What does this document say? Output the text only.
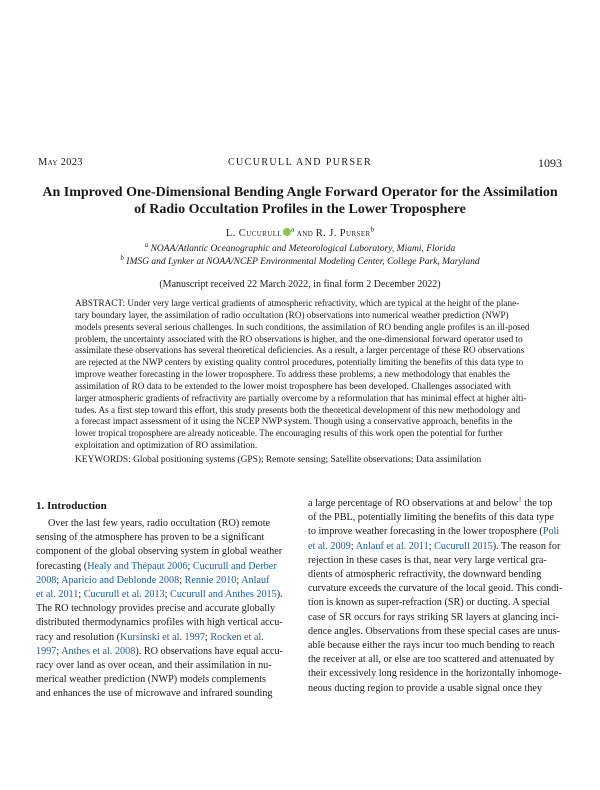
May 2023	CUCURULL AND PURSER	1093
An Improved One-Dimensional Bending Angle Forward Operator for the Assimilation
of Radio Occultation Profiles in the Lower Troposphere
L. Cucurull $^a$ and R. J. Purser$^b$
$^a$ NOAA/Atlantic Oceanographic and Meteorological Laboratory, Miami, Florida
$^b$ IMSG and Lynker at NOAA/NCEP Environmental Modeling Center, College Park, Maryland
(Manuscript received 22 March 2022, in final form 2 December 2022)
ABSTRACT: Under very large vertical gradients of atmospheric refractivity, which are typical at the height of the plane-
tary boundary layer, the assimilation of radio occultation (RO) observations into numerical weather prediction (NWP)
models presents several serious challenges. In such conditions, the assimilation of RO bending angle profiles is an ill-posed
problem, the uncertainty associated with the RO observations is higher, and the one-dimensional forward operator used to
assimilate these observations has several theoretical deficiencies. As a result, a larger percentage of these RO observations
are rejected at the NWP centers by existing quality control procedures, potentially limiting the benefits of this data type to
improve weather forecasting in the lower troposphere. To address these problems, a new methodology that enables the
assimilation of RO data to be extended to the lower moist troposphere has been developed. Challenges associated with
larger atmospheric gradients of refractivity are partially overcome by a reformulation that has minimal effect at higher alti-
tudes. As a first step toward this effort, this study presents both the theoretical development of this new methodology and
a forecast impact assessment of it using the NCEP NWP system. Though using a conservative approach, benefits in the
lower tropical troposphere are already noticeable. The encouraging results of this work open the potential for further
exploitation and optimization of RO assimilation.
KEYWORDS: Global positioning systems (GPS); Remote sensing; Satellite observations; Data assimilation
1. Introduction
Over the last few years, radio occultation (RO) remote
sensing of the atmosphere has proven to be a significant
component of the global observing system in global weather
forecasting (Healy and Thépaut 2006; Cucurull and Derber
2008; Aparicio and Deblonde 2008; Rennie 2010; Anlauf
et al. 2011; Cucurull et al. 2013; Cucurull and Anthes 2015).
The RO technology provides precise and accurate globally
distributed thermodynamics profiles with high vertical accu-
racy and resolution (Kursinski et al. 1997; Rocken et al.
1997; Anthes et al. 2008). RO observations have equal accu-
racy over land as over ocean, and their assimilation in nu-
merical weather prediction (NWP) models complements
and enhances the use of microwave and infrared sounding
a large percentage of RO observations at and below$^1$ the top
of the PBL, potentially limiting the benefits of this data type
to improve weather forecasting in the lower troposphere (Poli
et al. 2009; Anlauf et al. 2011; Cucurull 2015). The reason for
rejection in these cases is that, near very large vertical gra-
dients of atmospheric refractivity, the downward bending
curvature exceeds the curvature of the local geoid. This condi-
tion is known as super-refraction (SR) or ducting. A special
case of SR occurs for rays striking SR layers at glancing inci-
dence angles. Observations from these special cases are unus-
able because either the rays incur too much bending to reach
the receiver at all, or else are too scattered and attenuated by
their excessively long residence in the horizontally inhomoge-
neous ducting region to provide a usable signal once they
